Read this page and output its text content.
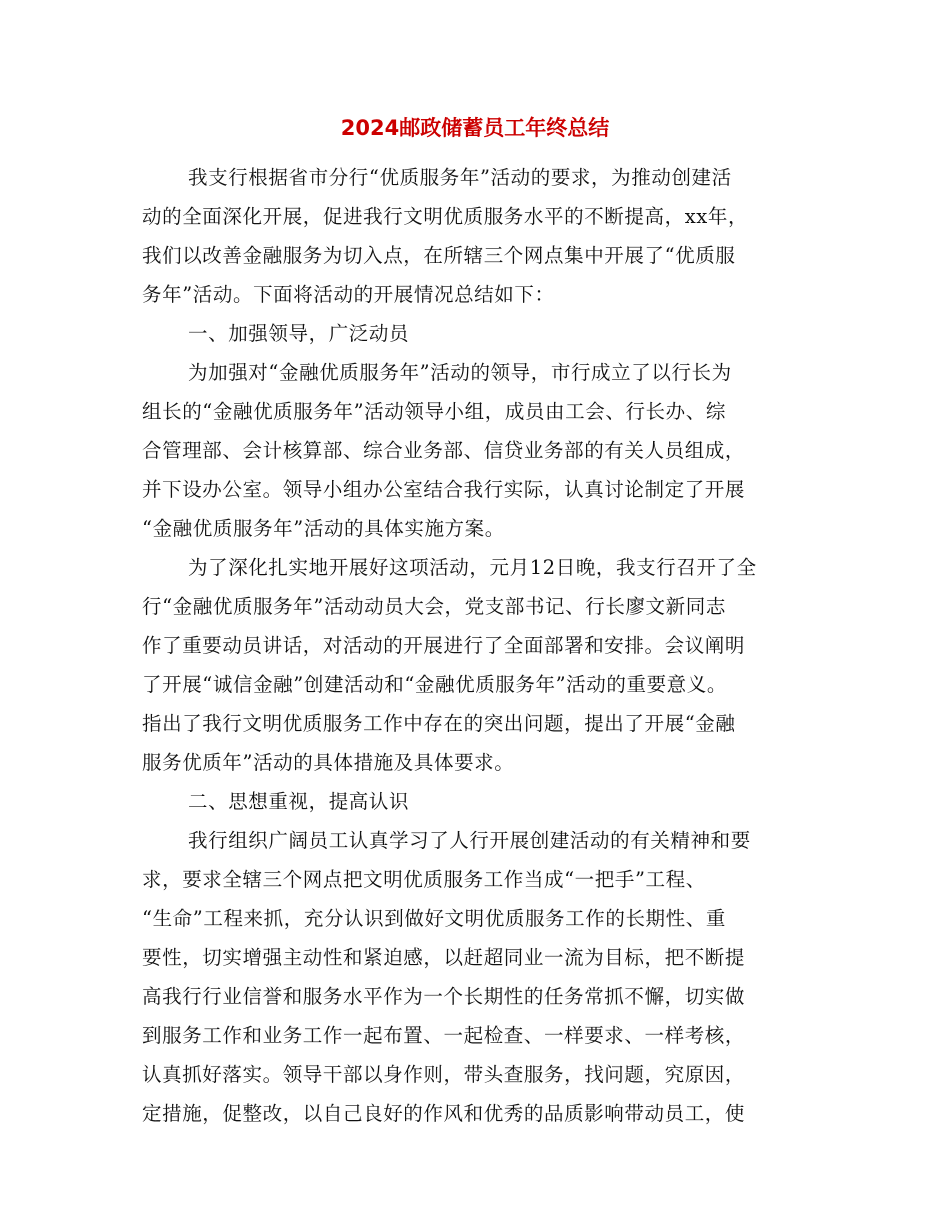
2024邮政储蓄员工年终总结
我支行根据省市分行“优质服务年”活动的要求，为推动创建活
动的全面深化开展，促进我行文明优质服务水平的不断提高，xx年，
我们以改善金融服务为切入点，在所辖三个网点集中开展了“优质服
务年”活动。下面将活动的开展情况总结如下：
一、加强领导，广泛动员
为加强对“金融优质服务年”活动的领导，市行成立了以行长为
组长的“金融优质服务年”活动领导小组，成员由工会、行长办、综
合管理部、会计核算部、综合业务部、信贷业务部的有关人员组成，
并下设办公室。领导小组办公室结合我行实际，认真讨论制定了开展
“金融优质服务年”活动的具体实施方案。
为了深化扎实地开展好这项活动，元月12日晚，我支行召开了全
行“金融优质服务年”活动动员大会，党支部书记、行长廖文新同志
作了重要动员讲话，对活动的开展进行了全面部署和安排。会议阐明
了开展“诚信金融”创建活动和“金融优质服务年”活动的重要意义。
指出了我行文明优质服务工作中存在的突出问题，提出了开展“金融
服务优质年”活动的具体措施及具体要求。
二、思想重视，提高认识
我行组织广阔员工认真学习了人行开展创建活动的有关精神和要
求，要求全辖三个网点把文明优质服务工作当成“一把手”工程、
“生命”工程来抓，充分认识到做好文明优质服务工作的长期性、重
要性，切实增强主动性和紧迫感，以赶超同业一流为目标，把不断提
高我行行业信誉和服务水平作为一个长期性的任务常抓不懈，切实做
到服务工作和业务工作一起布置、一起检查、一样要求、一样考核，
认真抓好落实。领导干部以身作则，带头查服务，找问题，究原因，
定措施，促整改，以自己良好的作风和优秀的品质影响带动员工，使
